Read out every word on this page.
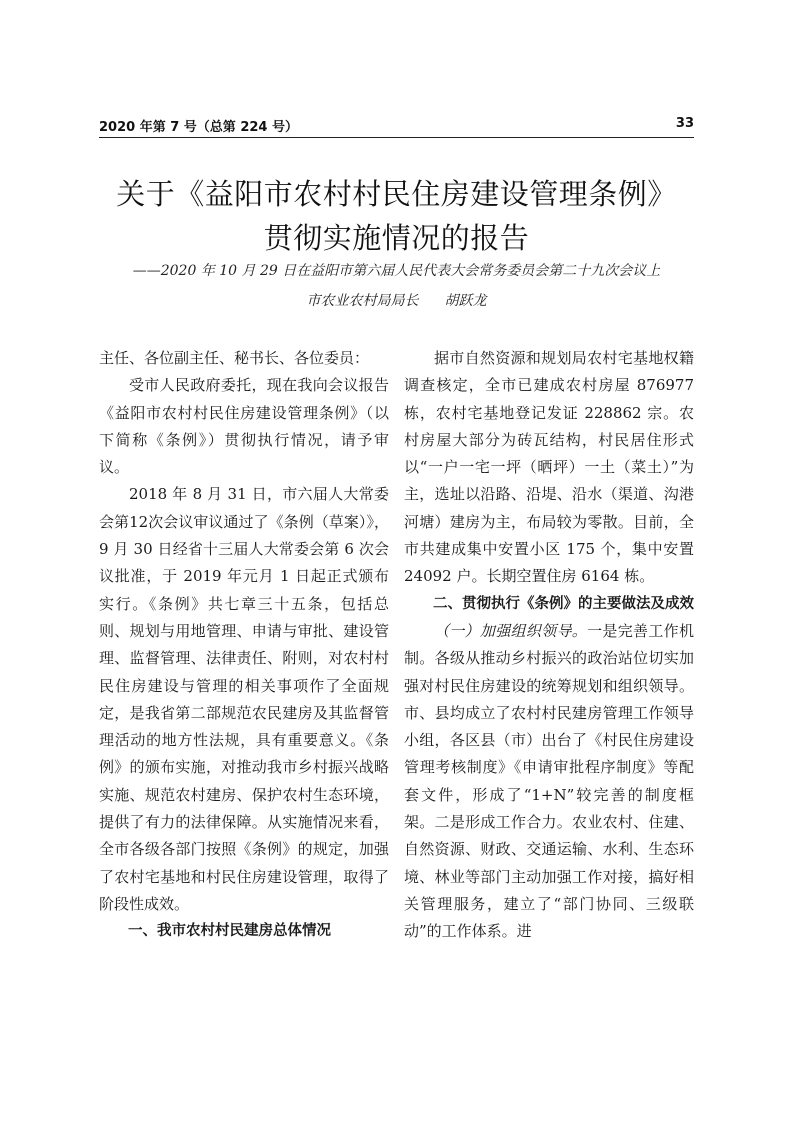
2020 年第 7 号（总第 224 号）	33
关于《益阳市农村村民住房建设管理条例》
贯彻实施情况的报告
——2020 年 10 月 29 日在益阳市第六届人民代表大会常务委员会第二十九次会议上
市农业农村局局长 胡跃龙

主任、各位副主任、秘书长、各位委员：

受市人民政府委托，现在我向会议报告《益阳市农村村民住房建设管理条例》（以下简称《条例》）贯彻执行情况，请予审议。

2018 年 8 月 31 日，市六届人大常委会第12次会议审议通过了《条例（草案）》，9 月 30 日经省十三届人大常委会第 6 次会议批准，于 2019 年元月 1 日起正式颁布实行。《条例》共七章三十五条，包括总则、规划与用地管理、申请与审批、建设管理、监督管理、法律责任、附则，对农村村民住房建设与管理的相关事项作了全面规定，是我省第二部规范农民建房及其监督管理活动的地方性法规，具有重要意义。《条例》的颁布实施，对推动我市乡村振兴战略实施、规范农村建房、保护农村生态环境，提供了有力的法律保障。从实施情况来看，全市各级各部门按照《条例》的规定，加强了农村宅基地和村民住房建设管理，取得了阶段性成效。

一、我市农村村民建房总体情况

据市自然资源和规划局农村宅基地权籍调查核定，全市已建成农村房屋 876977 栋，农村宅基地登记发证 228862 宗。农村房屋大部分为砖瓦结构，村民居住形式以“一户一宅一坪（晒坪）一土（菜土）”为主，选址以沿路、沿堤、沿水（渠道、沟港河塘）建房为主，布局较为零散。目前，全市共建成集中安置小区 175 个，集中安置 24092 户。长期空置住房 6164 栋。

二、贯彻执行《条例》的主要做法及成效

（一）加强组织领导。一是完善工作机制。各级从推动乡村振兴的政治站位切实加强对村民住房建设的统筹规划和组织领导。市、县均成立了农村村民建房管理工作领导小组，各区县（市）出台了《村民住房建设管理考核制度》《申请审批程序制度》等配套文件，形成了“1+N”较完善的制度框架。二是形成工作合力。农业农村、住建、自然资源、财政、交通运输、水利、生态环境、林业等部门主动加强工作对接，搞好相关管理服务，建立了“部门协同、三级联动”的工作体系。进
